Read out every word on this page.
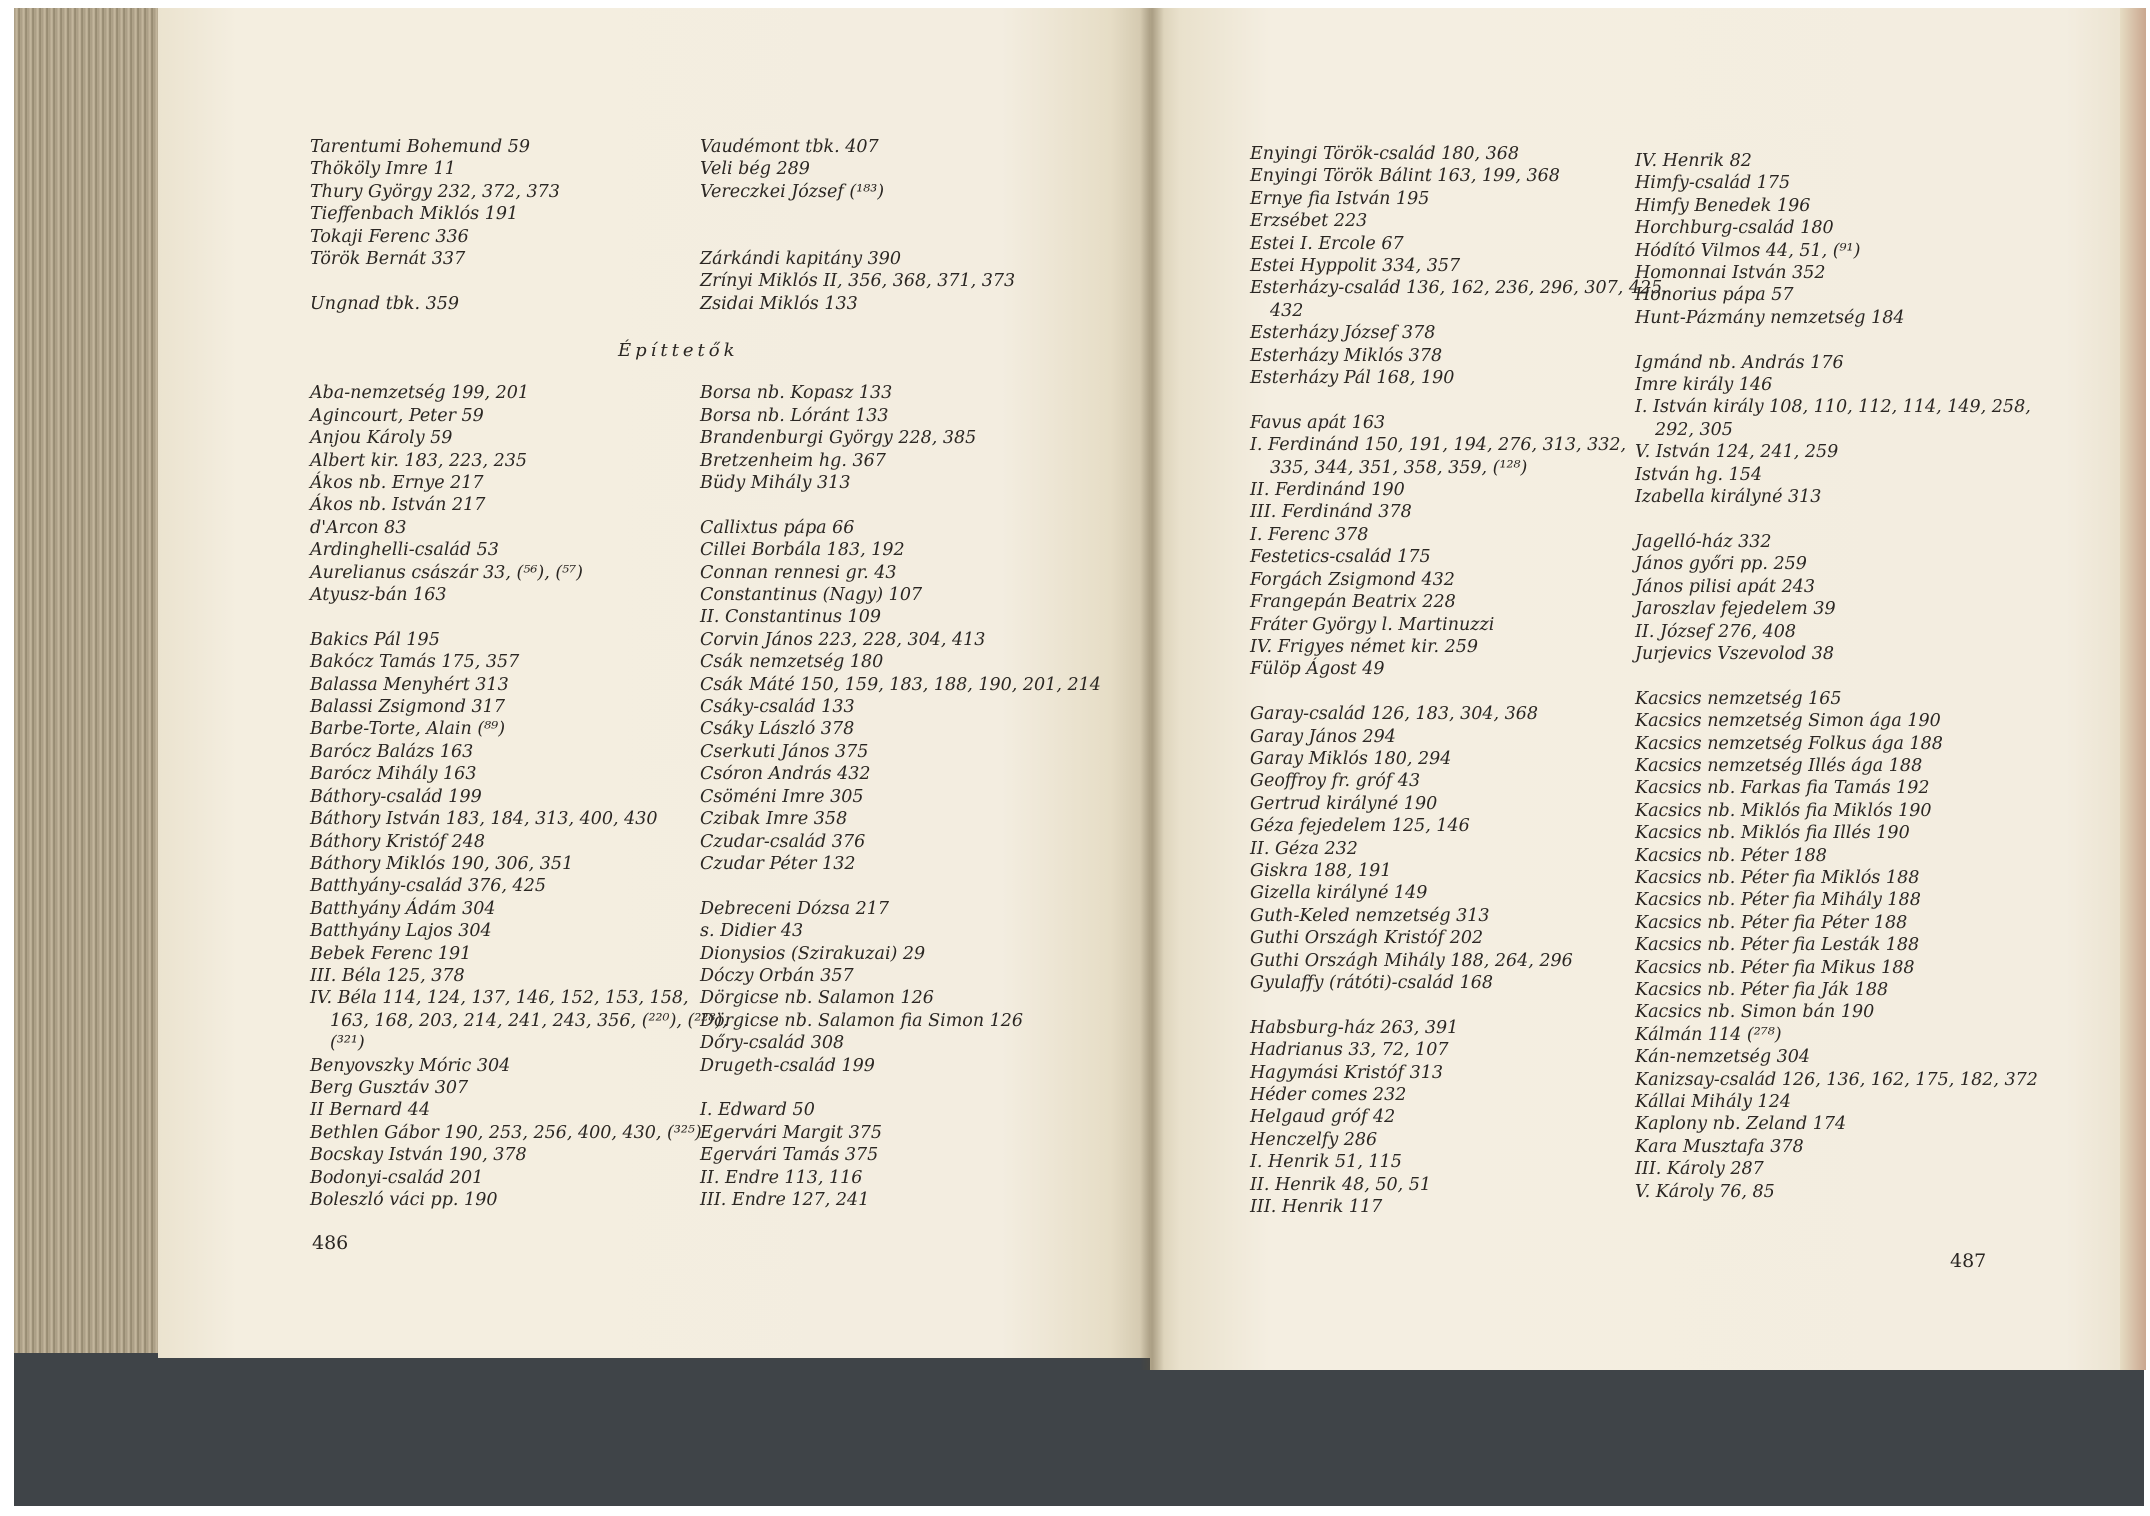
Tarentumi Bohemund 59
Thököly Imre 11
Thury György 232, 372, 373
Tieffenbach Miklós 191
Tokaji Ferenc 336
Török Bernát 337
Ungnad tbk. 359
Aba-nemzetség 199, 201
Agincourt, Peter 59
Anjou Károly 59
Albert kir. 183, 223, 235
Ákos nb. Ernye 217
Ákos nb. István 217
d'Arcon 83
Ardinghelli-család 53
Aurelianus császár 33, (⁵⁶), (⁵⁷)
Atyusz-bán 163
Bakics Pál 195
Bakócz Tamás 175, 357
Balassa Menyhért 313
Balassi Zsigmond 317
Barbe-Torte, Alain (⁸⁹)
Barócz Balázs 163
Barócz Mihály 163
Báthory-család 199
Báthory István 183, 184, 313, 400, 430
Báthory Kristóf 248
Báthory Miklós 190, 306, 351
Batthyány-család 376, 425
Batthyány Ádám 304
Batthyány Lajos 304
Bebek Ferenc 191
III. Béla 125, 378
IV. Béla 114, 124, 137, 146, 152, 153, 158,
163, 168, 203, 214, 241, 243, 356, (²²⁰), (²²⁸),
(³²¹)
Benyovszky Móric 304
Berg Gusztáv 307
II Bernard 44
Bethlen Gábor 190, 253, 256, 400, 430, (³²⁵)
Bocskay István 190, 378
Bodonyi-család 201
Boleszló váci pp. 190
Vaudémont tbk. 407
Veli bég 289
Vereczkei József (¹⁸³)
Zárkándi kapitány 390
Zrínyi Miklós II, 356, 368, 371, 373
Zsidai Miklós 133
Borsa nb. Kopasz 133
Borsa nb. Lóránt 133
Brandenburgi György 228, 385
Bretzenheim hg. 367
Büdy Mihály 313
Callixtus pápa 66
Cillei Borbála 183, 192
Connan rennesi gr. 43
Constantinus (Nagy) 107
II. Constantinus 109
Corvin János 223, 228, 304, 413
Csák nemzetség 180
Csák Máté 150, 159, 183, 188, 190, 201, 214
Csáky-család 133
Csáky László 378
Cserkuti János 375
Csóron András 432
Csöméni Imre 305
Czibak Imre 358
Czudar-család 376
Czudar Péter 132
Debreceni Dózsa 217
s. Didier 43
Dionysios (Szirakuzai) 29
Dóczy Orbán 357
Dörgicse nb. Salamon 126
Dörgicse nb. Salamon fia Simon 126
Dőry-család 308
Drugeth-család 199
I. Edward 50
Egervári Margit 375
Egervári Tamás 375
II. Endre 113, 116
III. Endre 127, 241
Enyingi Török-család 180, 368
Enyingi Török Bálint 163, 199, 368
Ernye fia István 195
Erzsébet 223
Estei I. Ercole 67
Estei Hyppolit 334, 357
Esterházy-család 136, 162, 236, 296, 307, 425,
432
Esterházy József 378
Esterházy Miklós 378
Esterházy Pál 168, 190
Favus apát 163
I. Ferdinánd 150, 191, 194, 276, 313, 332,
335, 344, 351, 358, 359, (¹²⁸)
II. Ferdinánd 190
III. Ferdinánd 378
I. Ferenc 378
Festetics-család 175
Forgách Zsigmond 432
Frangepán Beatrix 228
Fráter György l. Martinuzzi
IV. Frigyes német kir. 259
Fülöp Ágost 49
Garay-család 126, 183, 304, 368
Garay János 294
Garay Miklós 180, 294
Geoffroy fr. gróf 43
Gertrud királyné 190
Géza fejedelem 125, 146
II. Géza 232
Giskra 188, 191
Gizella királyné 149
Guth-Keled nemzetség 313
Guthi Országh Kristóf 202
Guthi Országh Mihály 188, 264, 296
Gyulaffy (rátóti)-család 168
Habsburg-ház 263, 391
Hadrianus 33, 72, 107
Hagymási Kristóf 313
Héder comes 232
Helgaud gróf 42
Henczelfy 286
I. Henrik 51, 115
II. Henrik 48, 50, 51
III. Henrik 117
IV. Henrik 82
Himfy-család 175
Himfy Benedek 196
Horchburg-család 180
Hódító Vilmos 44, 51, (⁹¹)
Homonnai István 352
Honorius pápa 57
Hunt-Pázmány nemzetség 184
Igmánd nb. András 176
Imre király 146
I. István király 108, 110, 112, 114, 149, 258,
292, 305
V. István 124, 241, 259
István hg. 154
Izabella királyné 313
Jagelló-ház 332
János győri pp. 259
János pilisi apát 243
Jaroszlav fejedelem 39
II. József 276, 408
Jurjevics Vszevolod 38
Kacsics nemzetség 165
Kacsics nemzetség Simon ága 190
Kacsics nemzetség Folkus ága 188
Kacsics nemzetség Illés ága 188
Kacsics nb. Farkas fia Tamás 192
Kacsics nb. Miklós fia Miklós 190
Kacsics nb. Miklós fia Illés 190
Kacsics nb. Péter 188
Kacsics nb. Péter fia Miklós 188
Kacsics nb. Péter fia Mihály 188
Kacsics nb. Péter fia Péter 188
Kacsics nb. Péter fia Lesták 188
Kacsics nb. Péter fia Mikus 188
Kacsics nb. Péter fia Ják 188
Kacsics nb. Simon bán 190
Kálmán 114 (²⁷⁸)
Kán-nemzetség 304
Kanizsay-család 126, 136, 162, 175, 182, 372
Kállai Mihály 124
Kaplony nb. Zeland 174
Kara Musztafa 378
III. Károly 287
V. Károly 76, 85
Építtetők
486
487
